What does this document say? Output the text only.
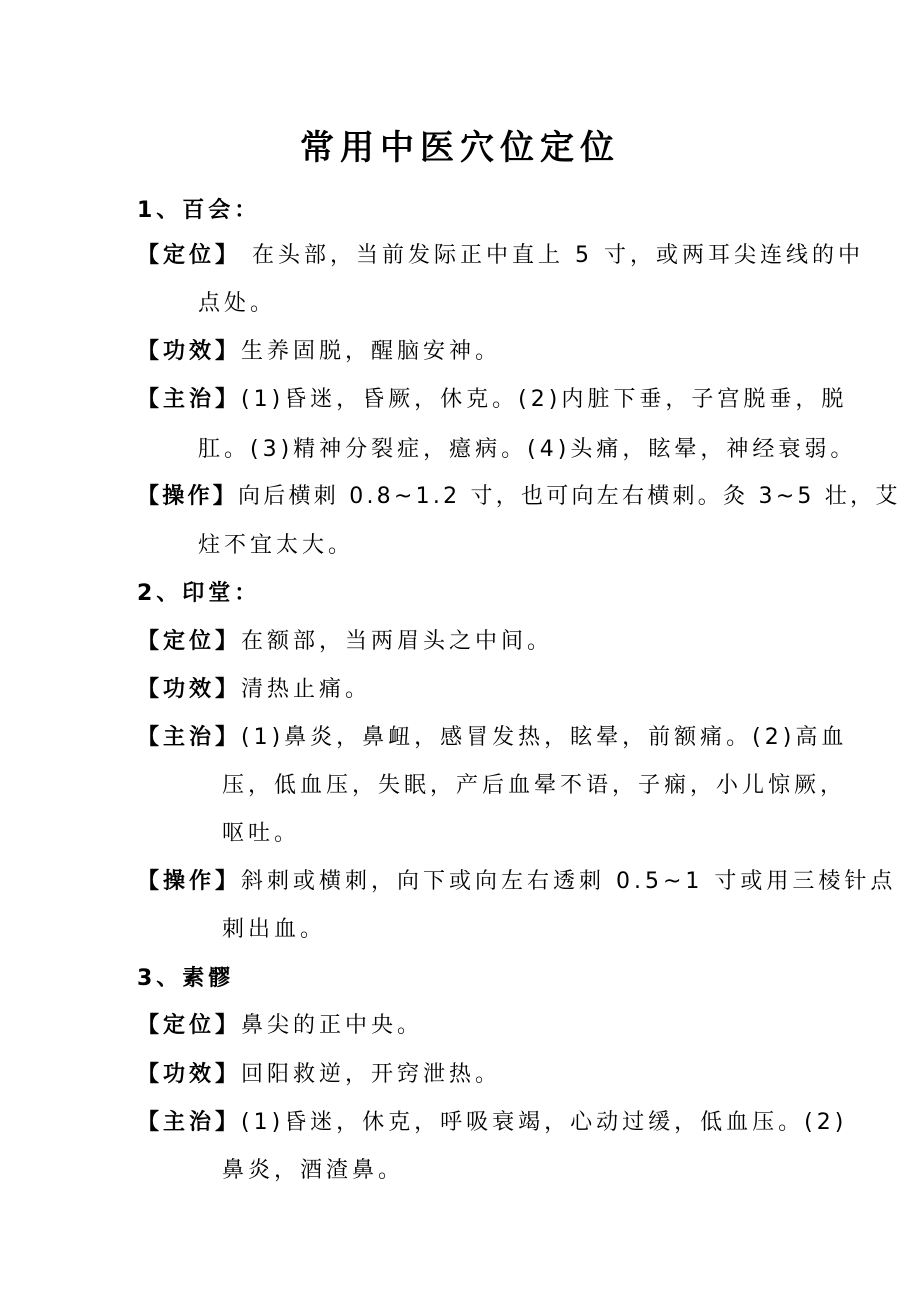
常用中医穴位定位
1、百会：
【定位】 在头部，当前发际正中直上 5 寸，或两耳尖连线的中
点处。
【功效】生养固脱，醒脑安神。
【主治】(1)昏迷，昏厥，休克。(2)内脏下垂，子宫脱垂，脱
肛。(3)精神分裂症，癔病。(4)头痛，眩晕，神经衰弱。
【操作】向后横刺 0.8~1.2 寸，也可向左右横刺。灸 3~5 壮，艾
炷不宜太大。
2、印堂：
【定位】在额部，当两眉头之中间。
【功效】清热止痛。
【主治】(1)鼻炎，鼻衄，感冒发热，眩晕，前额痛。(2)高血
压，低血压，失眠，产后血晕不语，子痫，小儿惊厥，
呕吐。
【操作】斜刺或横刺，向下或向左右透刺 0.5~1 寸或用三棱针点
刺出血。
3、素髎
【定位】鼻尖的正中央。
【功效】回阳救逆，开窍泄热。
【主治】(1)昏迷，休克，呼吸衰竭，心动过缓，低血压。(2)
鼻炎，酒渣鼻。
